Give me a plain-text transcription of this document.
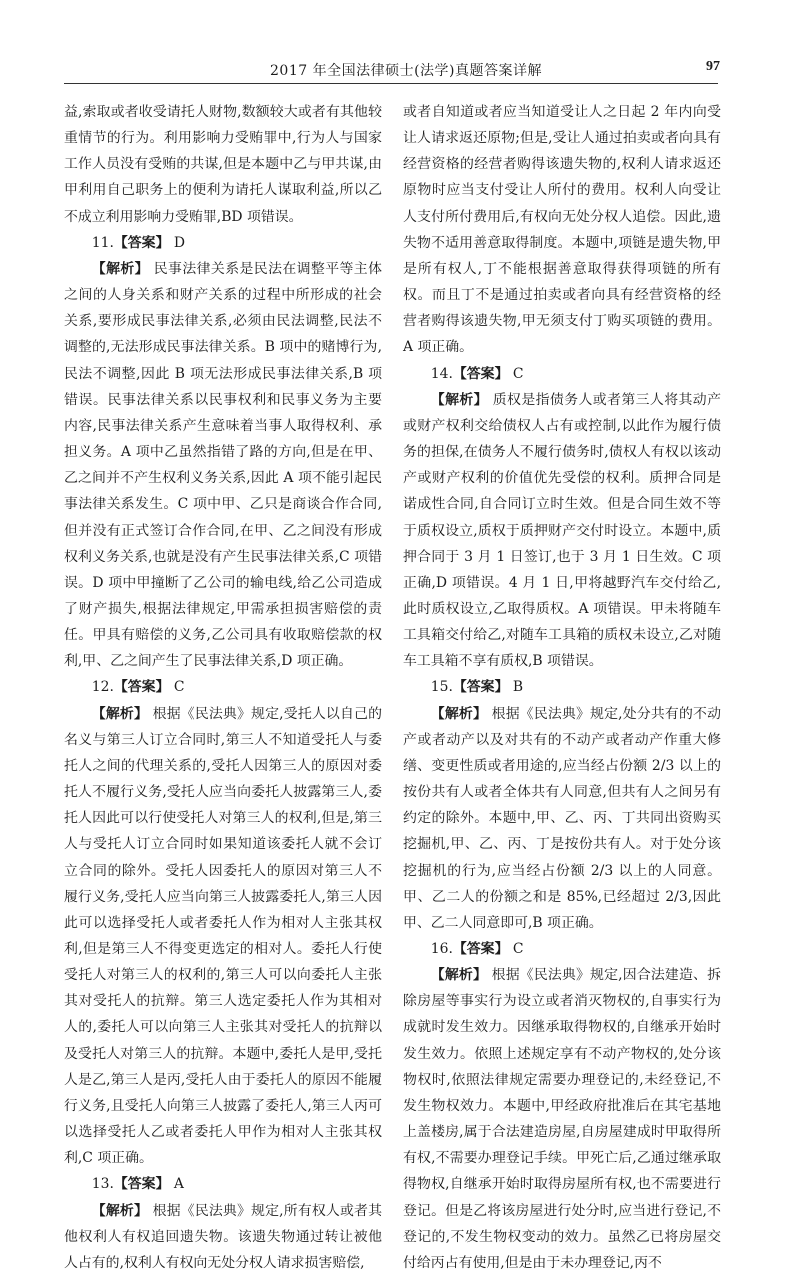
2017 年全国法律硕士(法学)真题答案详解	97

益,索取或者收受请托人财物,数额较大或者有其他较重情节的行为。利用影响力受贿罪中,行为人与国家工作人员没有受贿的共谋,但是本题中乙与甲共谋,由甲利用自己职务上的便利为请托人谋取利益,所以乙不成立利用影响力受贿罪,BD 项错误。

11.【答案】 D

【解析】 民事法律关系是民法在调整平等主体之间的人身关系和财产关系的过程中所形成的社会关系,要形成民事法律关系,必须由民法调整,民法不调整的,无法形成民事法律关系。B 项中的赌博行为,民法不调整,因此 B 项无法形成民事法律关系,B 项错误。民事法律关系以民事权利和民事义务为主要内容,民事法律关系产生意味着当事人取得权利、承担义务。A 项中乙虽然指错了路的方向,但是在甲、乙之间并不产生权利义务关系,因此 A 项不能引起民事法律关系发生。C 项中甲、乙只是商谈合作合同,但并没有正式签订合作合同,在甲、乙之间没有形成权利义务关系,也就是没有产生民事法律关系,C 项错误。D 项中甲撞断了乙公司的输电线,给乙公司造成了财产损失,根据法律规定,甲需承担损害赔偿的责任。甲具有赔偿的义务,乙公司具有收取赔偿款的权利,甲、乙之间产生了民事法律关系,D 项正确。

12.【答案】 C

【解析】 根据《民法典》规定,受托人以自己的名义与第三人订立合同时,第三人不知道受托人与委托人之间的代理关系的,受托人因第三人的原因对委托人不履行义务,受托人应当向委托人披露第三人,委托人因此可以行使受托人对第三人的权利,但是,第三人与受托人订立合同时如果知道该委托人就不会订立合同的除外。受托人因委托人的原因对第三人不履行义务,受托人应当向第三人披露委托人,第三人因此可以选择受托人或者委托人作为相对人主张其权利,但是第三人不得变更选定的相对人。委托人行使受托人对第三人的权利的,第三人可以向委托人主张其对受托人的抗辩。第三人选定委托人作为其相对人的,委托人可以向第三人主张其对受托人的抗辩以及受托人对第三人的抗辩。本题中,委托人是甲,受托人是乙,第三人是丙,受托人由于委托人的原因不能履行义务,且受托人向第三人披露了委托人,第三人丙可以选择受托人乙或者委托人甲作为相对人主张其权利,C 项正确。

13.【答案】 A

【解析】 根据《民法典》规定,所有权人或者其他权利人有权追回遗失物。该遗失物通过转让被他人占有的,权利人有权向无处分权人请求损害赔偿,

或者自知道或者应当知道受让人之日起 2 年内向受让人请求返还原物;但是,受让人通过拍卖或者向具有经营资格的经营者购得该遗失物的,权利人请求返还原物时应当支付受让人所付的费用。权利人向受让人支付所付费用后,有权向无处分权人追偿。因此,遗失物不适用善意取得制度。本题中,项链是遗失物,甲是所有权人,丁不能根据善意取得获得项链的所有权。而且丁不是通过拍卖或者向具有经营资格的经营者购得该遗失物,甲无须支付丁购买项链的费用。A 项正确。

14.【答案】 C

【解析】 质权是指债务人或者第三人将其动产或财产权利交给债权人占有或控制,以此作为履行债务的担保,在债务人不履行债务时,债权人有权以该动产或财产权利的价值优先受偿的权利。质押合同是诺成性合同,自合同订立时生效。但是合同生效不等于质权设立,质权于质押财产交付时设立。本题中,质押合同于 3 月 1 日签订,也于 3 月 1 日生效。C 项正确,D 项错误。4 月 1 日,甲将越野汽车交付给乙,此时质权设立,乙取得质权。A 项错误。甲未将随车工具箱交付给乙,对随车工具箱的质权未设立,乙对随车工具箱不享有质权,B 项错误。

15.【答案】 B

【解析】 根据《民法典》规定,处分共有的不动产或者动产以及对共有的不动产或者动产作重大修缮、变更性质或者用途的,应当经占份额 2/3 以上的按份共有人或者全体共有人同意,但共有人之间另有约定的除外。本题中,甲、乙、丙、丁共同出资购买挖掘机,甲、乙、丙、丁是按份共有人。对于处分该挖掘机的行为,应当经占份额 2/3 以上的人同意。甲、乙二人的份额之和是 85%,已经超过 2/3,因此甲、乙二人同意即可,B 项正确。

16.【答案】 C

【解析】 根据《民法典》规定,因合法建造、拆除房屋等事实行为设立或者消灭物权的,自事实行为成就时发生效力。因继承取得物权的,自继承开始时发生效力。依照上述规定享有不动产物权的,处分该物权时,依照法律规定需要办理登记的,未经登记,不发生物权效力。本题中,甲经政府批准后在其宅基地上盖楼房,属于合法建造房屋,自房屋建成时甲取得所有权,不需要办理登记手续。甲死亡后,乙通过继承取得物权,自继承开始时取得房屋所有权,也不需要进行登记。但是乙将该房屋进行处分时,应当进行登记,不登记的,不发生物权变动的效力。虽然乙已将房屋交付给丙占有使用,但是由于未办理登记,丙不
